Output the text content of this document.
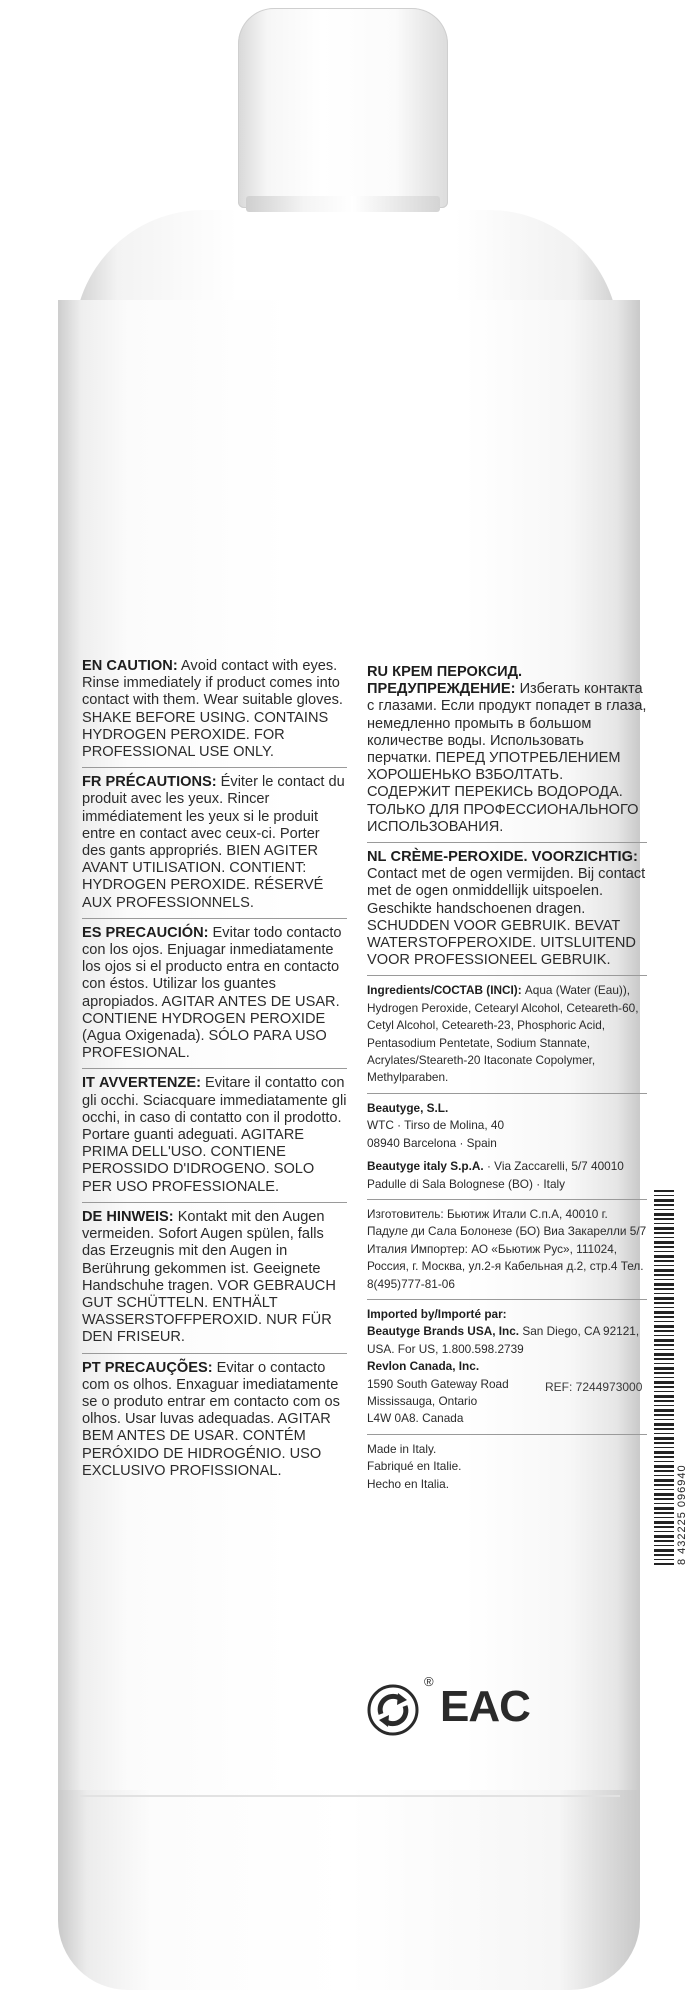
EN CAUTION: Avoid contact with eyes. Rinse immediately if product comes into contact with them. Wear suitable gloves. SHAKE BEFORE USING. CONTAINS HYDROGEN PEROXIDE. FOR PROFESSIONAL USE ONLY.

FR PRÉCAUTIONS: Éviter le contact du produit avec les yeux. Rincer immédiatement les yeux si le produit entre en contact avec ceux-ci. Porter des gants appropriés. BIEN AGITER AVANT UTILISATION. CONTIENT: HYDROGEN PEROXIDE. RÉSERVÉ AUX PROFESSIONNELS.

ES PRECAUCIÓN: Evitar todo contacto con los ojos. Enjuagar inmediatamente los ojos si el producto entra en contacto con éstos. Utilizar los guantes apropiados. AGITAR ANTES DE USAR. CONTIENE HYDROGEN PEROXIDE (Agua Oxigenada). SÓLO PARA USO PROFESIONAL.

IT AVVERTENZE: Evitare il contatto con gli occhi. Sciacquare immediatamente gli occhi, in caso di contatto con il prodotto. Portare guanti adeguati. AGITARE PRIMA DELL'USO. CONTIENE PEROSSIDO D'IDROGENO. SOLO PER USO PROFESSIONALE.

DE HINWEIS: Kontakt mit den Augen vermeiden. Sofort Augen spülen, falls das Erzeugnis mit den Augen in Berührung gekommen ist. Geeignete Handschuhe tragen. VOR GEBRAUCH GUT SCHÜTTELN. ENTHÄLT WASSERSTOFFPEROXID. NUR FÜR DEN FRISEUR.

PT PRECAUÇÕES: Evitar o contacto com os olhos. Enxaguar imediatamente se o produto entrar em contacto com os olhos. Usar luvas adequadas. AGITAR BEM ANTES DE USAR. CONTÉM PERÓXIDO DE HIDROGÉNIO. USO EXCLUSIVO PROFISSIONAL.

RU КРЕМ ПЕРОКСИД. ПРЕДУПРЕЖДЕНИЕ: Избегать контакта с глазами. Если продукт попадет в глаза, немедленно промыть в большом количестве воды. Использовать перчатки. ПЕРЕД УПОТРЕБЛЕНИЕМ ХОРОШЕНЬКО ВЗБОЛТАТЬ. СОДЕРЖИТ ПЕРЕКИСЬ ВОДОРОДА. ТОЛЬКО ДЛЯ ПРОФЕССИОНАЛЬНОГО ИСПОЛЬЗОВАНИЯ.

NL CRÈME-PEROXIDE. VOORZICHTIG: Contact met de ogen vermijden. Bij contact met de ogen onmiddellijk uitspoelen. Geschikte handschoenen dragen. SCHUDDEN VOOR GEBRUIK. BEVAT WATERSTOFPEROXIDE. UITSLUITEND VOOR PROFESSIONEEL GEBRUIK.

Ingredients/СОСТАВ (INCI): Aqua (Water (Eau)), Hydrogen Peroxide, Cetearyl Alcohol, Ceteareth-60, Cetyl Alcohol, Ceteareth-23, Phosphoric Acid, Pentasodium Pentetate, Sodium Stannate, Acrylates/Steareth-20 Itaconate Copolymer, Methylparaben.

Beautyge, S.L.

WTC · Tirso de Molina, 40

08940 Barcelona · Spain

Beautyge italy S.p.A. · Via Zaccarelli, 5/7 40010 Padulle di Sala Bolognese (BO) · Italy

Изготовитель: Бьютиж Итали С.п.А, 40010 г. Падуле ди Сала Болонезе (БО) Виа Закарелли 5/7 Италия Импортер: АО «Бьютиж Рус», 111024, Россия, г. Москва, ул.2-я Кабельная д.2, стр.4 Тел. 8(495)777-81-06

Imported by/Importé par:

Beautyge Brands USA, Inc. San Diego, CA 92121, USA. For US, 1.800.598.2739

Revlon Canada, Inc.

1590 South Gateway Road

Mississauga, Ontario

L4W 0A8. Canada

Made in Italy.

Fabriqué en Italie.

Hecho en Italia.

REF: 7244973000
8 432225 096940
®
EAC
